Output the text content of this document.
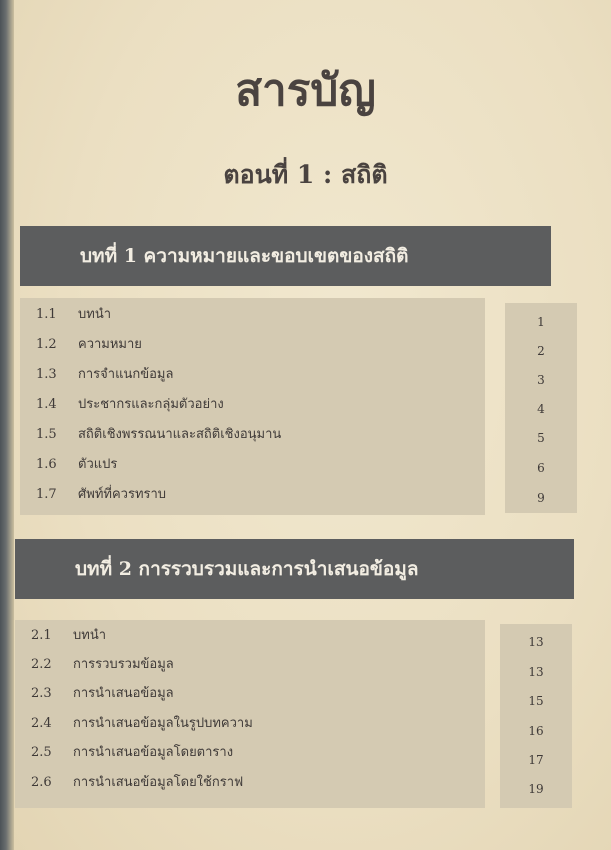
สารบัญ
ตอนที่ 1 : สถิติ
บทที่ 1 ความหมายและขอบเขตของสถิติ
1.1 บทนำ
1.2 ความหมาย
1.3 การจำแนกข้อมูล
1.4 ประชากรและกลุ่มตัวอย่าง
1.5 สถิติเชิงพรรณนาและสถิติเชิงอนุมาน
1.6 ตัวแปร
1.7 ศัพท์ที่ควรทราบ
1
2
3
4
5
6
9
บทที่ 2 การรวบรวมและการนำเสนอข้อมูล
2.1 บทนำ
2.2 การรวบรวมข้อมูล
2.3 การนำเสนอข้อมูล
2.4 การนำเสนอข้อมูลในรูปบทความ
2.5 การนำเสนอข้อมูลโดยตาราง
2.6 การนำเสนอข้อมูลโดยใช้กราฟ
13
13
15
16
17
19
